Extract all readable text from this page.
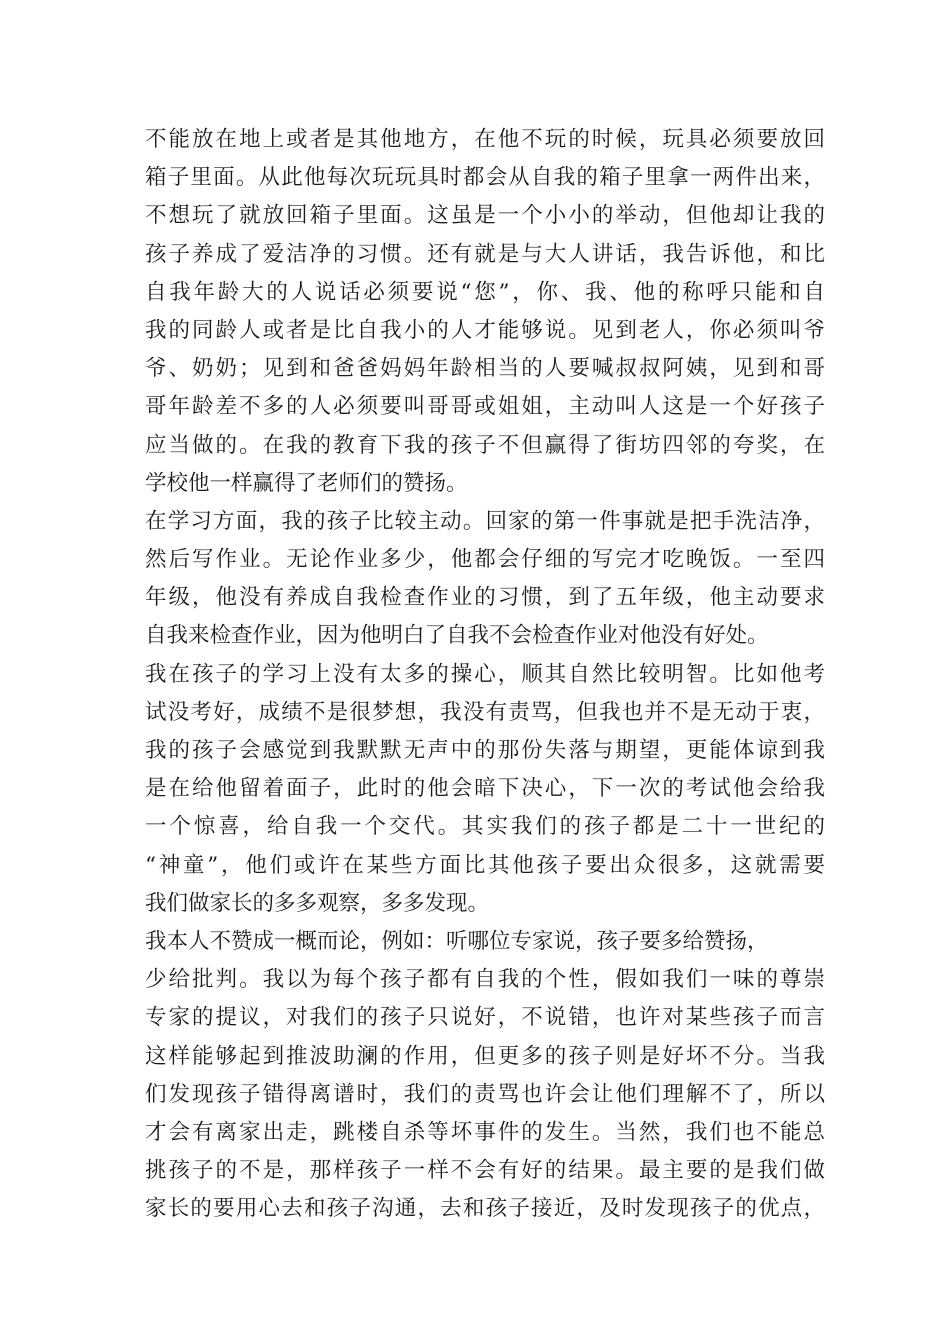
不能放在地上或者是其他地方，在他不玩的时候，玩具必须要放回
箱子里面。从此他每次玩玩具时都会从自我的箱子里拿一两件出来，
不想玩了就放回箱子里面。这虽是一个小小的举动，但他却让我的
孩子养成了爱洁净的习惯。还有就是与大人讲话，我告诉他，和比
自我年龄大的人说话必须要说“您”，你、我、他的称呼只能和自
我的同龄人或者是比自我小的人才能够说。见到老人，你必须叫爷
爷、奶奶；见到和爸爸妈妈年龄相当的人要喊叔叔阿姨，见到和哥
哥年龄差不多的人必须要叫哥哥或姐姐，主动叫人这是一个好孩子
应当做的。在我的教育下我的孩子不但赢得了街坊四邻的夸奖，在
学校他一样赢得了老师们的赞扬。
在学习方面，我的孩子比较主动。回家的第一件事就是把手洗洁净，
然后写作业。无论作业多少，他都会仔细的写完才吃晚饭。一至四
年级，他没有养成自我检查作业的习惯，到了五年级，他主动要求
自我来检查作业，因为他明白了自我不会检查作业对他没有好处。
我在孩子的学习上没有太多的操心，顺其自然比较明智。比如他考
试没考好，成绩不是很梦想，我没有责骂，但我也并不是无动于衷，
我的孩子会感觉到我默默无声中的那份失落与期望，更能体谅到我
是在给他留着面子，此时的他会暗下决心，下一次的考试他会给我
一个惊喜，给自我一个交代。其实我们的孩子都是二十一世纪的
“神童”，他们或许在某些方面比其他孩子要出众很多，这就需要
我们做家长的多多观察，多多发现。
我本人不赞成一概而论，例如：听哪位专家说，孩子要多给赞扬，
少给批判。我以为每个孩子都有自我的个性，假如我们一味的尊崇
专家的提议，对我们的孩子只说好，不说错，也许对某些孩子而言
这样能够起到推波助澜的作用，但更多的孩子则是好坏不分。当我
们发现孩子错得离谱时，我们的责骂也许会让他们理解不了，所以
才会有离家出走，跳楼自杀等坏事件的发生。当然，我们也不能总
挑孩子的不是，那样孩子一样不会有好的结果。最主要的是我们做
家长的要用心去和孩子沟通，去和孩子接近，及时发现孩子的优点，
